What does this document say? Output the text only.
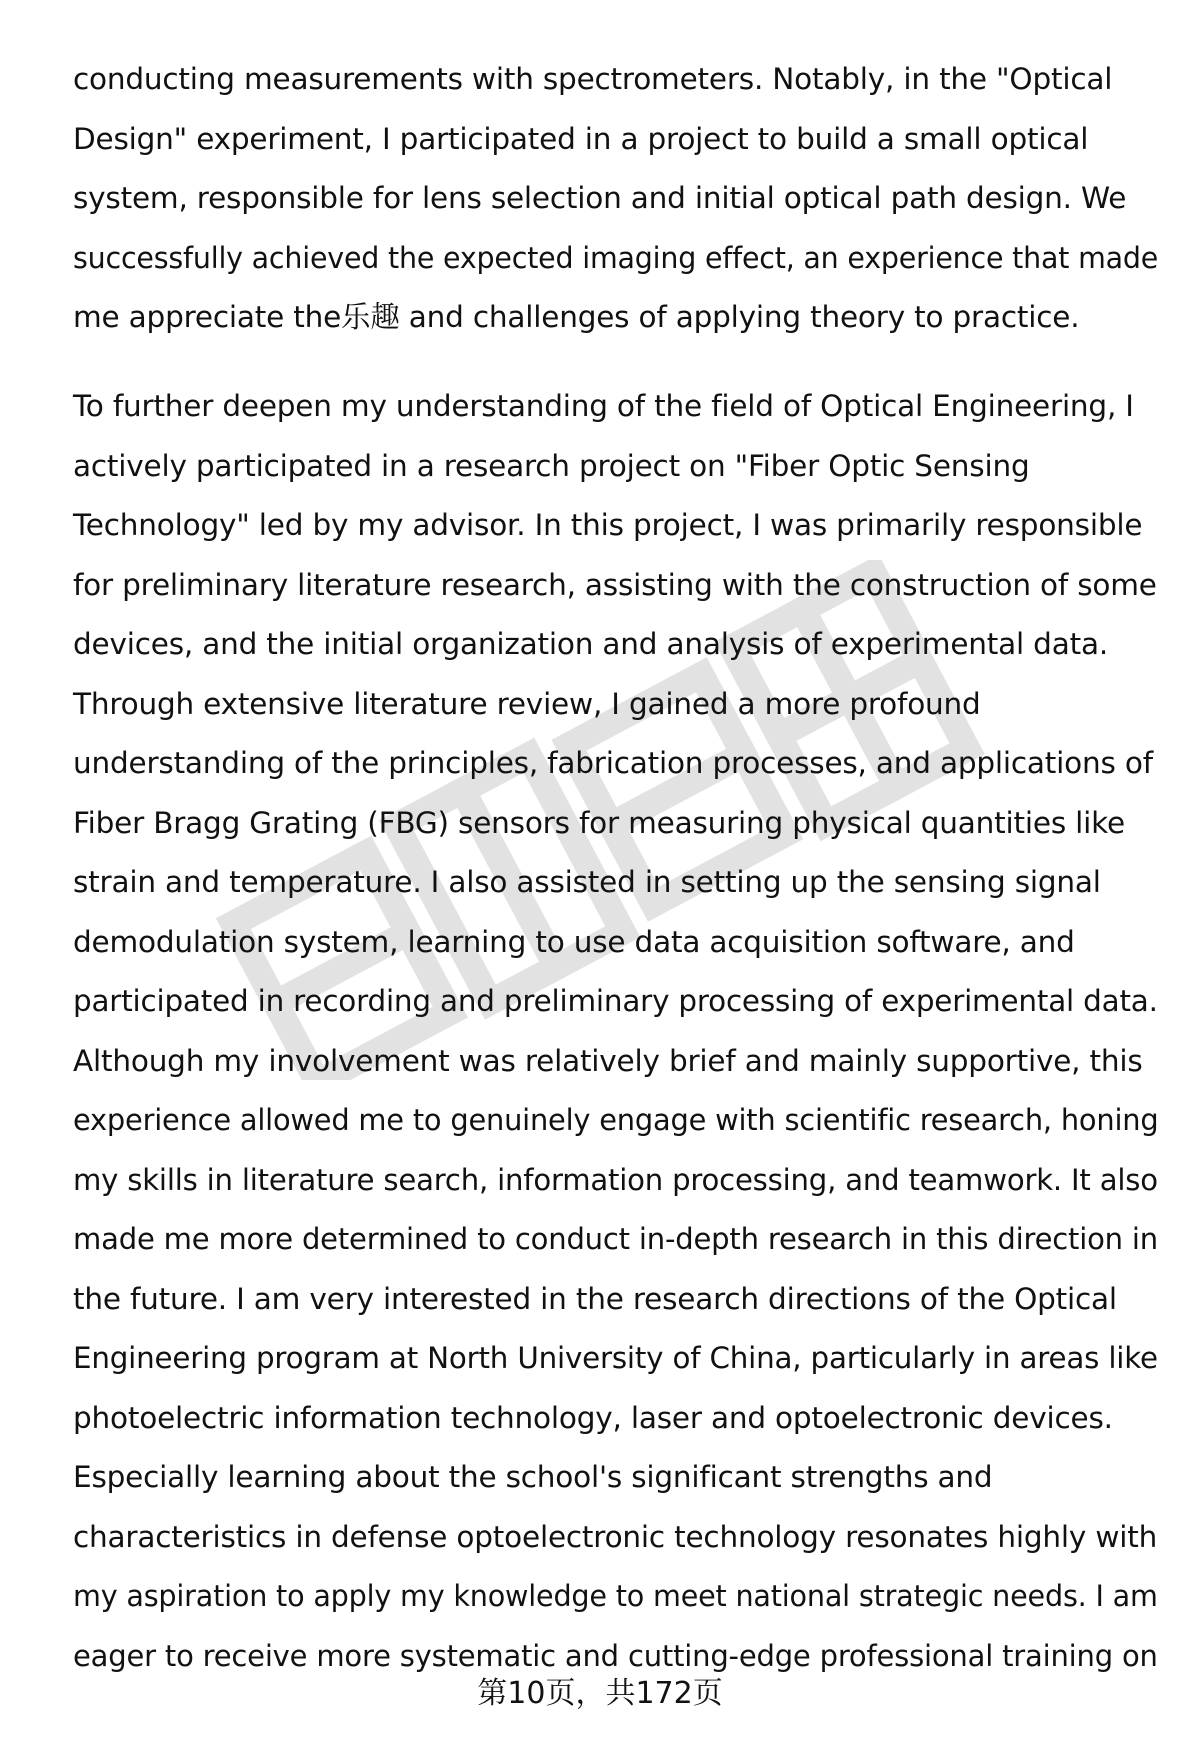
conducting measurements with spectrometers. Notably, in the "Optical
Design" experiment, I participated in a project to build a small optical
system, responsible for lens selection and initial optical path design. We
successfully achieved the expected imaging effect, an experience that made
me appreciate the乐趣 and challenges of applying theory to practice.
To further deepen my understanding of the field of Optical Engineering, I
actively participated in a research project on "Fiber Optic Sensing
Technology" led by my advisor. In this project, I was primarily responsible
for preliminary literature research, assisting with the construction of some
devices, and the initial organization and analysis of experimental data.
Through extensive literature review, I gained a more profound
understanding of the principles, fabrication processes, and applications of
Fiber Bragg Grating (FBG) sensors for measuring physical quantities like
strain and temperature. I also assisted in setting up the sensing signal
demodulation system, learning to use data acquisition software, and
participated in recording and preliminary processing of experimental data.
Although my involvement was relatively brief and mainly supportive, this
experience allowed me to genuinely engage with scientific research, honing my skills in literature search, information processing, and teamwork. It also made me more determined to conduct in-depth research in this direction in
the future. I am very interested in the research directions of the Optical
Engineering program at North University of China, particularly in areas like
photoelectric information technology, laser and optoelectronic devices.
Especially learning about the school's significant strengths and
characteristics in defense optoelectronic technology resonates highly with
my aspiration to apply my knowledge to meet national strategic needs. I am eager to receive more systematic and cutting-edge professional training on
第10页，共172页
